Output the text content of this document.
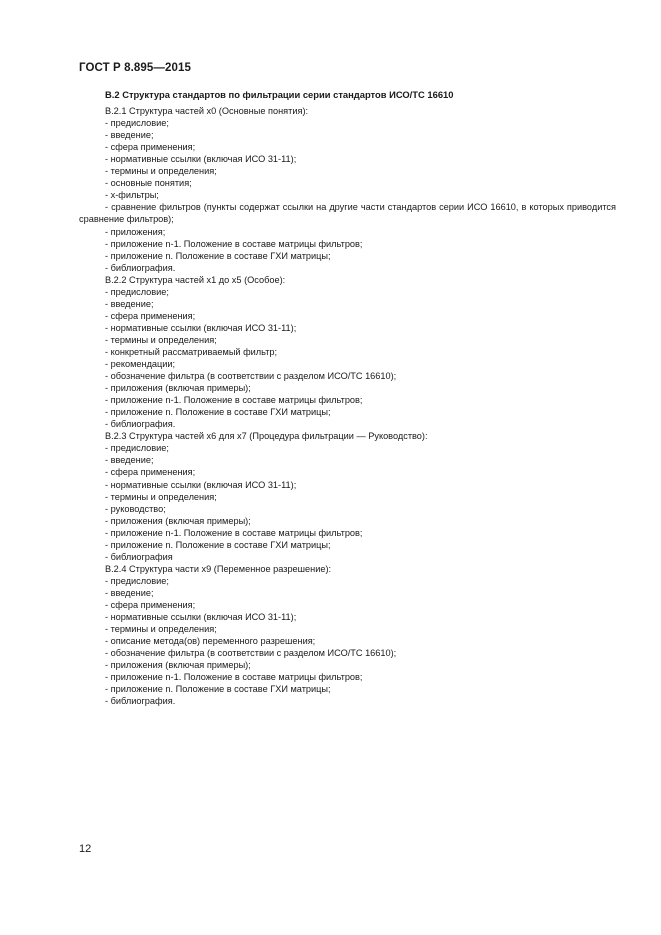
ГОСТ Р 8.895—2015

В.2 Структура стандартов по фильтрации серии стандартов ИСО/ТС 16610

В.2.1 Структура частей х0 (Основные понятия):

- предисловие;

- введение;

- сфера применения;

- нормативные ссылки (включая ИСО 31-11);

- термины и определения;

- основные понятия;

- х-фильтры;

- сравнение фильтров (пункты содержат ссылки на другие части стандартов серии ИСО 16610, в которых приводится сравнение фильтров);

- приложения;

- приложение n-1. Положение в составе матрицы фильтров;

- приложение n. Положение в составе ГХИ матрицы;

- библиография.

В.2.2 Структура частей х1 до х5 (Особое):

- предисловие;

- введение;

- сфера применения;

- нормативные ссылки (включая ИСО 31-11);

- термины и определения;

- конкретный рассматриваемый фильтр;

- рекомендации;

- обозначение фильтра (в соответствии с разделом ИСО/ТС 16610);

- приложения (включая примеры);

- приложение n-1. Положение в составе матрицы фильтров;

- приложение n. Положение в составе ГХИ матрицы;

- библиография.

В.2.3 Структура частей х6 для х7 (Процедура фильтрации — Руководство):

- предисловие;

- введение;

- сфера применения;

- нормативные ссылки (включая ИСО 31-11);

- термины и определения;

- руководство;

- приложения (включая примеры);

- приложение n-1. Положение в составе матрицы фильтров;

- приложение n. Положение в составе ГХИ матрицы;

- библиография

В.2.4 Структура части х9 (Переменное разрешение):

- предисловие;

- введение;

- сфера применения;

- нормативные ссылки (включая ИСО 31-11);

- термины и определения;

- описание метода(ов) переменного разрешения;

- обозначение фильтра (в соответствии с разделом ИСО/ТС 16610);

- приложения (включая примеры);

- приложение n-1. Положение в составе матрицы фильтров;

- приложение n. Положение в составе ГХИ матрицы;

- библиография.

12
